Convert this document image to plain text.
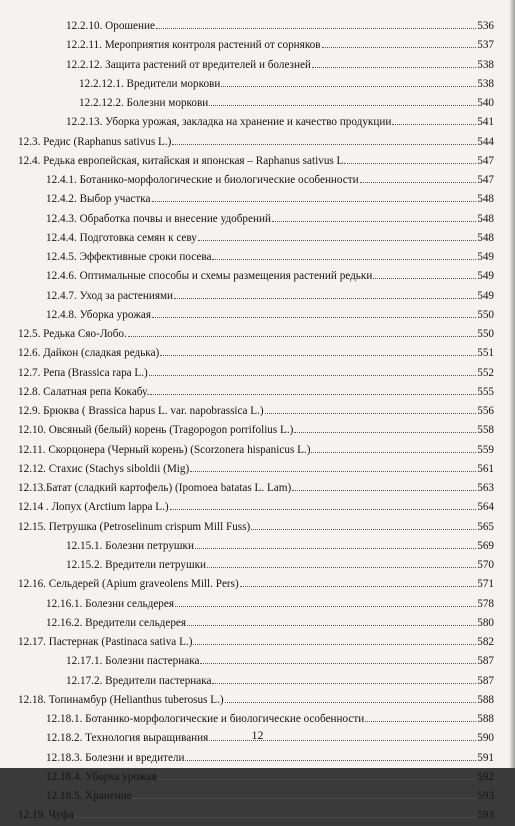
12.2.10. Орошение	536
12.2.11. Мероприятия контроля растений от сорняков	537
12.2.12. Защита растений от вредителей и болезней	538
12.2.12.1. Вредители моркови	538
12.2.12.2. Болезни моркови	540
12.2.13. Уборка урожая, закладка на хранение и качество продукции	541
12.3. Редис (Raphanus sativus L.)	544
12.4. Редька европейская, китайская и японская – Raphanus sativus L.	547
12.4.1. Ботанико-морфологические и биологические особенности	547
12.4.2. Выбор участка	548
12.4.3. Обработка почвы и внесение удобрений	548
12.4.4. Подготовка семян к севу	548
12.4.5. Эффективные сроки посева	549
12.4.6. Оптимальные способы и схемы размещения растений редьки	549
12.4.7. Уход за растениями	549
12.4.8. Уборка урожая	550
12.5. Редька Сяо-Лобо.	550
12.6. Дайкон (сладкая редька)	551
12.7. Репа (Brassica rapa L.)	552
12.8. Салатная репа Кокабу.	555
12.9. Брюква ( Brassica hapus L. var. napobrassica L.)	556
12.10. Овсяный (белый) корень (Tragopogon porrifolius L.)	558
12.11. Скорцонера (Черный корень) (Scorzonera hispanicus L.)	559
12.12. Стахис (Stachys siboldii (Mig)	561
12.13.Батат (сладкий картофель) (Ipomoea batatas L. Lam)	563
12.14 . Лопух (Arctium lappa L.)	564
12.15. Петрушка (Petroselinum crispum Mill Fuss)	565
12.15.1. Болезни петрушки	569
12.15.2. Вредители петрушки	570
12.16. Сельдерей (Apium graveolens Mill. Pers)	571
12.16.1. Болезни сельдерея	578
12.16.2. Вредители сельдерея	580
12.17. Пастернак (Pastinaca sativa L.)	582
12.17.1. Болезни пастернака	587
12.17.2. Вредители пастернака	587
12.18. Топинамбур (Helianthus tuberosus L.)	588
12.18.1. Ботанико-морфологические и биологические особенности	588
12.18.2. Технология выращивания	590
12.18.3. Болезни и вредители	591
12.18.4. Уборка урожая	592
12.18.5. Хранение	593
12.19. Чуфа	593
12
